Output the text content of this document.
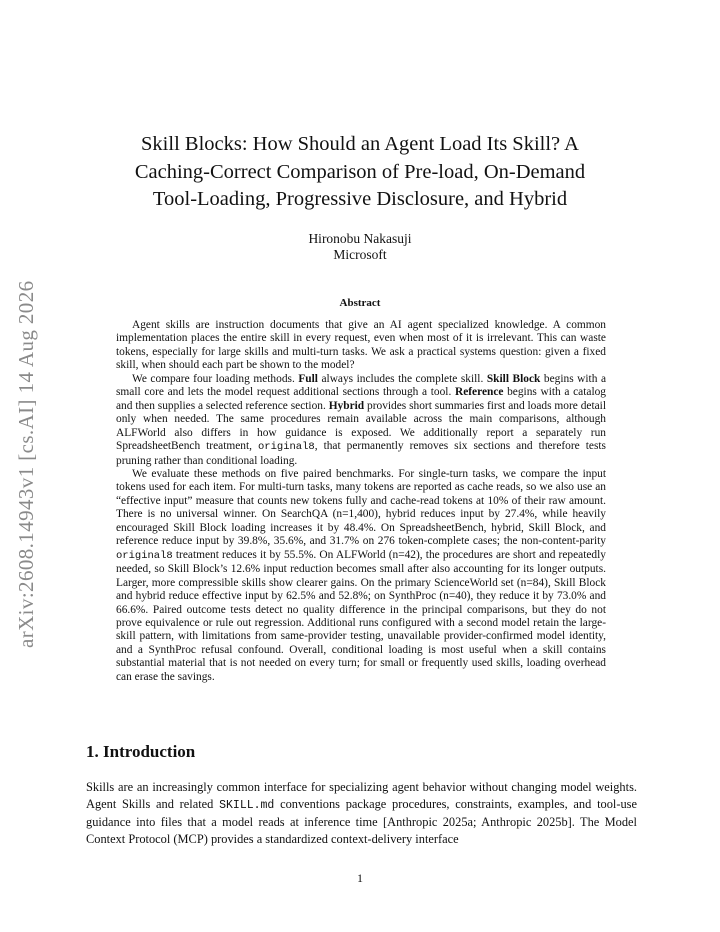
arXiv:2608.14943v1 [cs.AI] 14 Aug 2026
Skill Blocks: How Should an Agent Load Its Skill? A
Caching-Correct Comparison of Pre-load, On-Demand
Tool-Loading, Progressive Disclosure, and Hybrid
Hironobu Nakasuji
Microsoft
Abstract

Agent skills are instruction documents that give an AI agent specialized knowledge. A common implementation places the entire skill in every request, even when most of it is irrelevant. This can waste tokens, especially for large skills and multi-turn tasks. We ask a practical systems question: given a fixed skill, when should each part be shown to the model?

We compare four loading methods. Full always includes the complete skill. Skill Block begins with a small core and lets the model request additional sections through a tool. Reference begins with a catalog and then supplies a selected reference section. Hybrid provides short summaries first and loads more detail only when needed. The same procedures remain available across the main comparisons, although ALFWorld also differs in how guidance is exposed. We additionally report a separately run SpreadsheetBench treatment, original8, that permanently removes six sections and therefore tests pruning rather than conditional loading.

We evaluate these methods on five paired benchmarks. For single-turn tasks, we compare the input tokens used for each item. For multi-turn tasks, many tokens are reported as cache reads, so we also use an “effective input” measure that counts new tokens fully and cache-read tokens at 10% of their raw amount. There is no universal winner. On SearchQA (n=1,400), hybrid reduces input by 27.4%, while heavily encouraged Skill Block loading increases it by 48.4%. On SpreadsheetBench, hybrid, Skill Block, and reference reduce input by 39.8%, 35.6%, and 31.7% on 276 token-complete cases; the non-content-parity original8 treatment reduces it by 55.5%. On ALFWorld (n=42), the procedures are short and repeatedly needed, so Skill Block’s 12.6% input reduction becomes small after also accounting for its longer outputs. Larger, more compressible skills show clearer gains. On the primary ScienceWorld set (n=84), Skill Block and hybrid reduce effective input by 62.5% and 52.8%; on SynthProc (n=40), they reduce it by 73.0% and 66.6%. Paired outcome tests detect no quality difference in the principal comparisons, but they do not prove equivalence or rule out regression. Additional runs configured with a second model retain the large-skill pattern, with limitations from same-provider testing, unavailable provider-confirmed model identity, and a SynthProc refusal confound. Overall, conditional loading is most useful when a skill contains substantial material that is not needed on every turn; for small or frequently used skills, loading overhead can erase the savings.

1. Introduction

Skills are an increasingly common interface for specializing agent behavior without changing model weights. Agent Skills and related SKILL.md conventions package procedures, constraints, examples, and tool-use guidance into files that a model reads at inference time [Anthropic 2025a; Anthropic 2025b]. The Model Context Protocol (MCP) provides a standardized context-delivery interface

1
